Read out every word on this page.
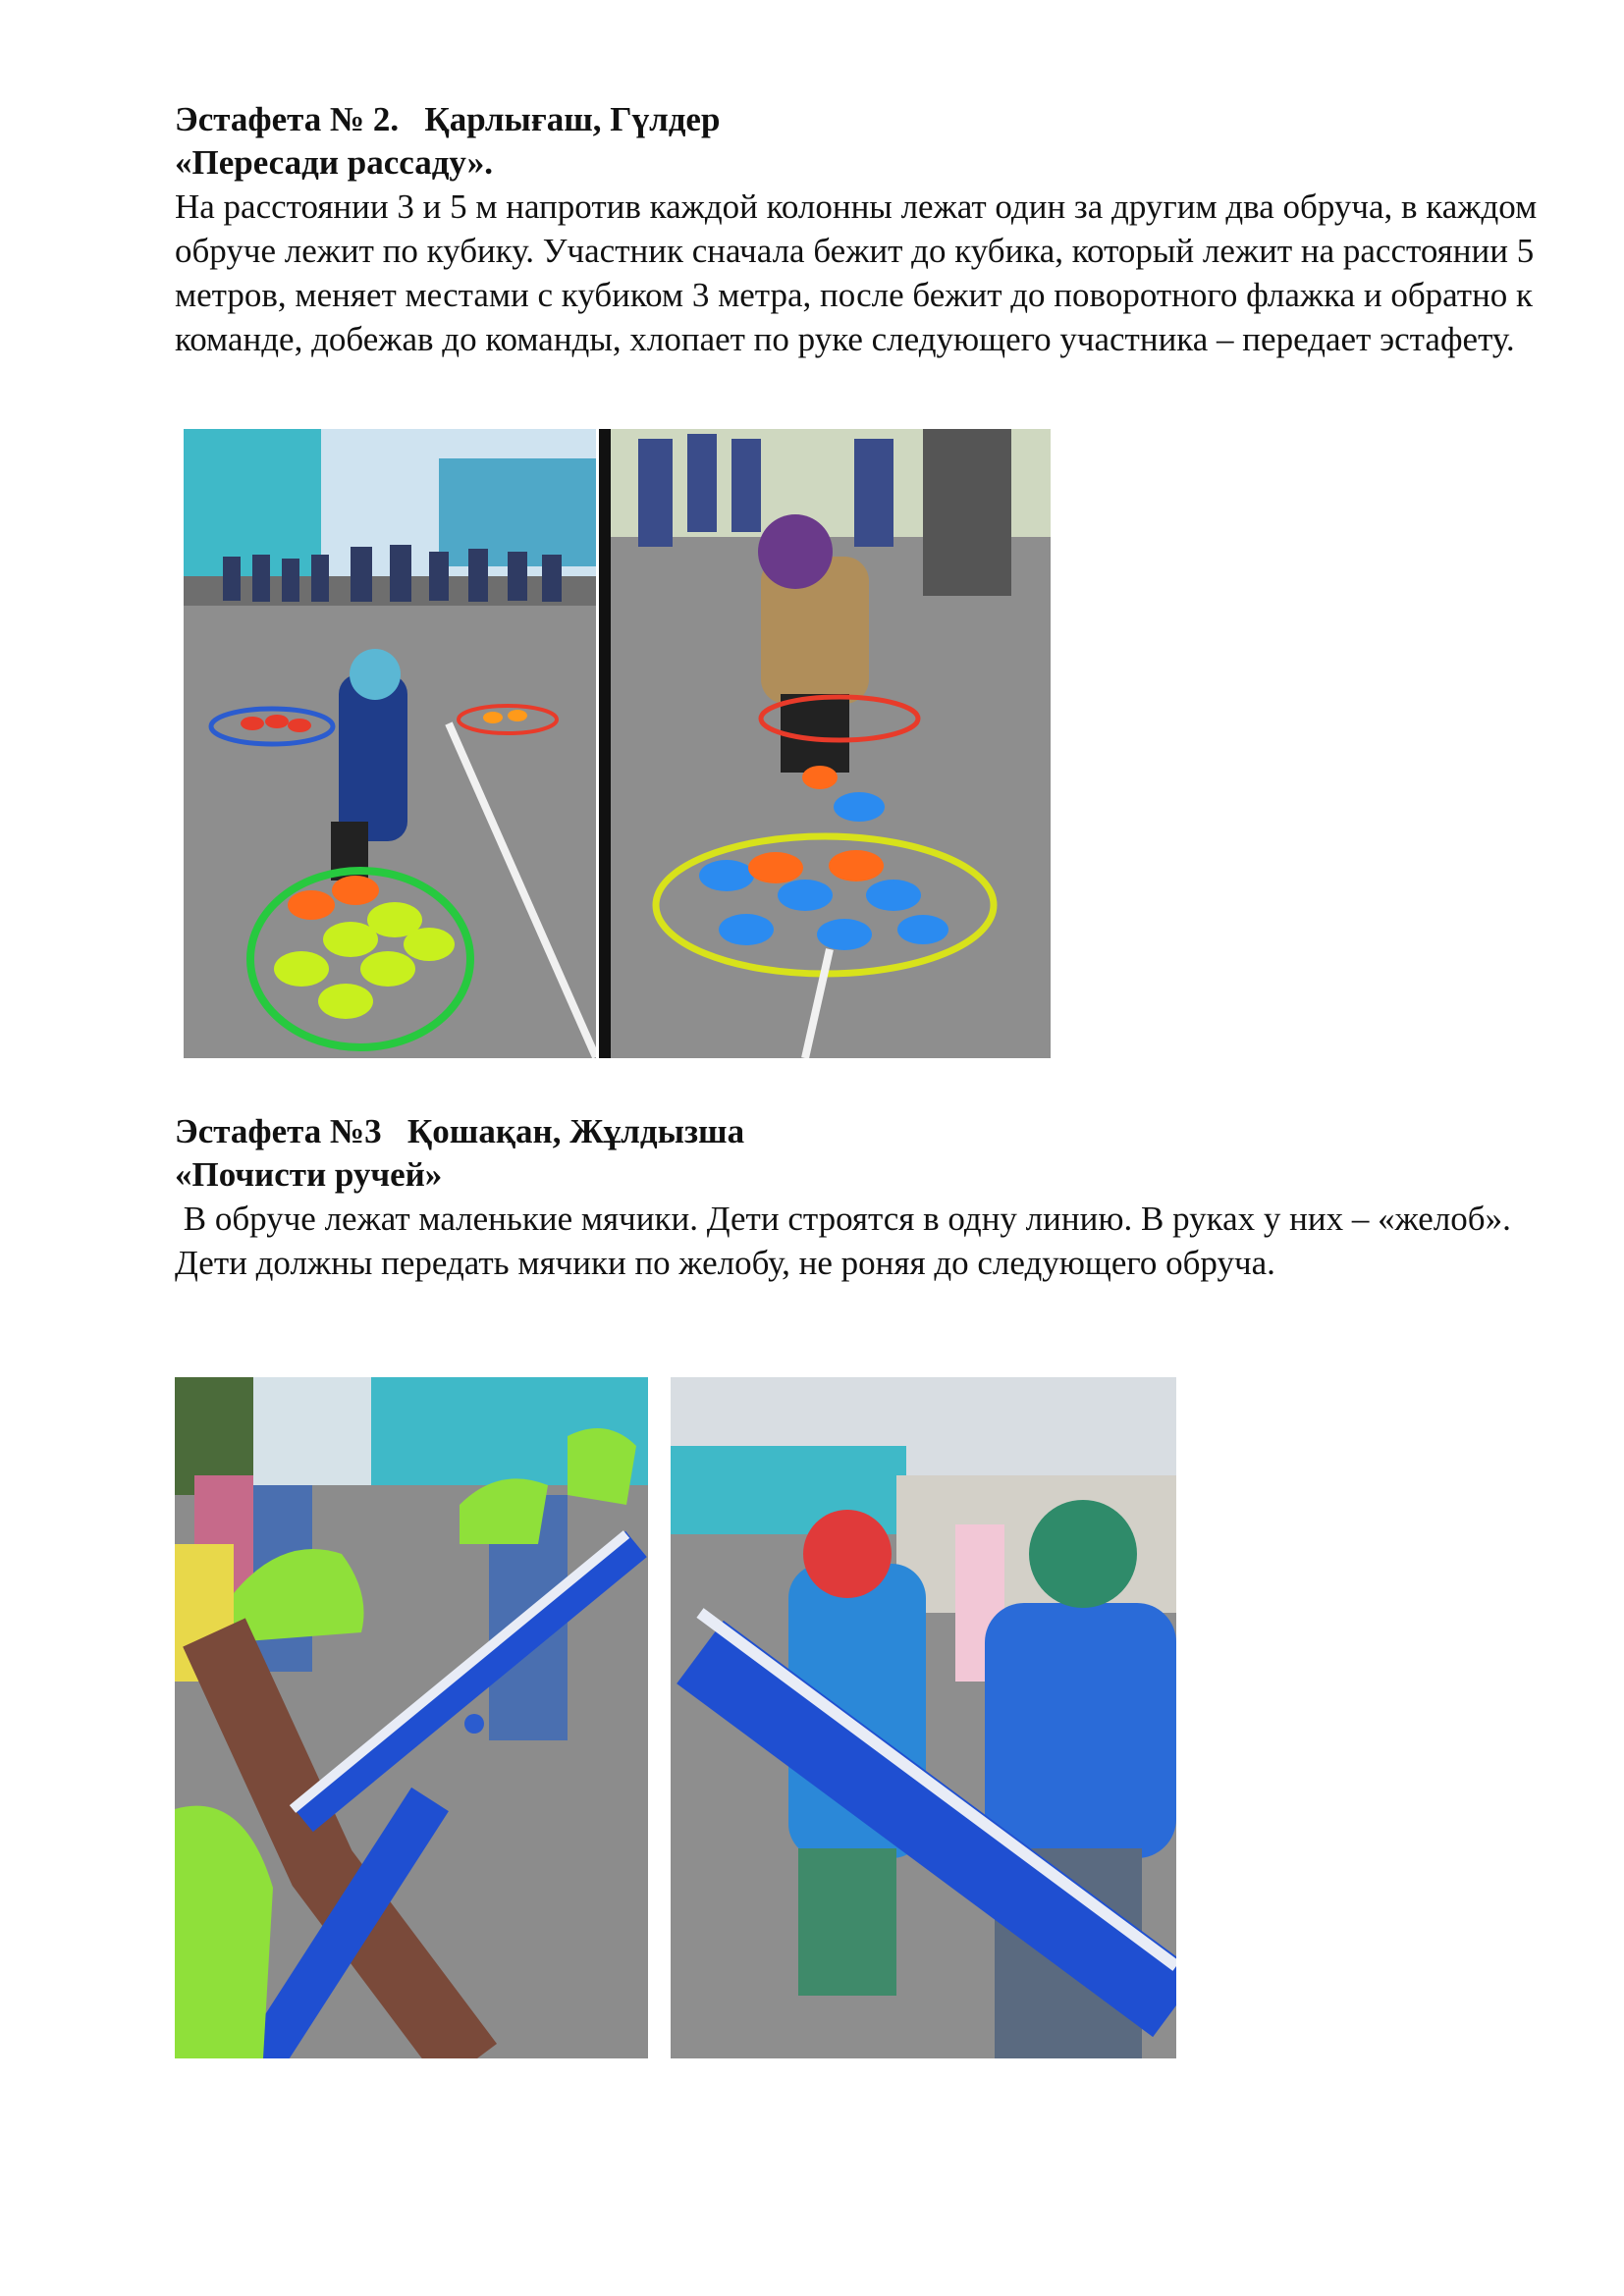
Эстафета № 2.   Қарлығаш, Гүлдер

«Пересади рассаду».

На расстоянии 3 и 5 м напротив каждой колонны лежат один за другим два обруча, в каждом обруче лежит по кубику. Участник сначала бежит до кубика, который лежит на расстоянии 5 метров, меняет местами с кубиком 3 метра, после бежит до поворотного флажка и обратно к команде, добежав до команды, хлопает по руке следующего участника – передает эстафету.

Эстафета №3   Қошақан, Жұлдызша

«Почисти ручей»

В обруче лежат маленькие мячики. Дети строятся в одну линию. В руках у них – «желоб». Дети должны передать мячики по желобу, не роняя до следующего обруча.
